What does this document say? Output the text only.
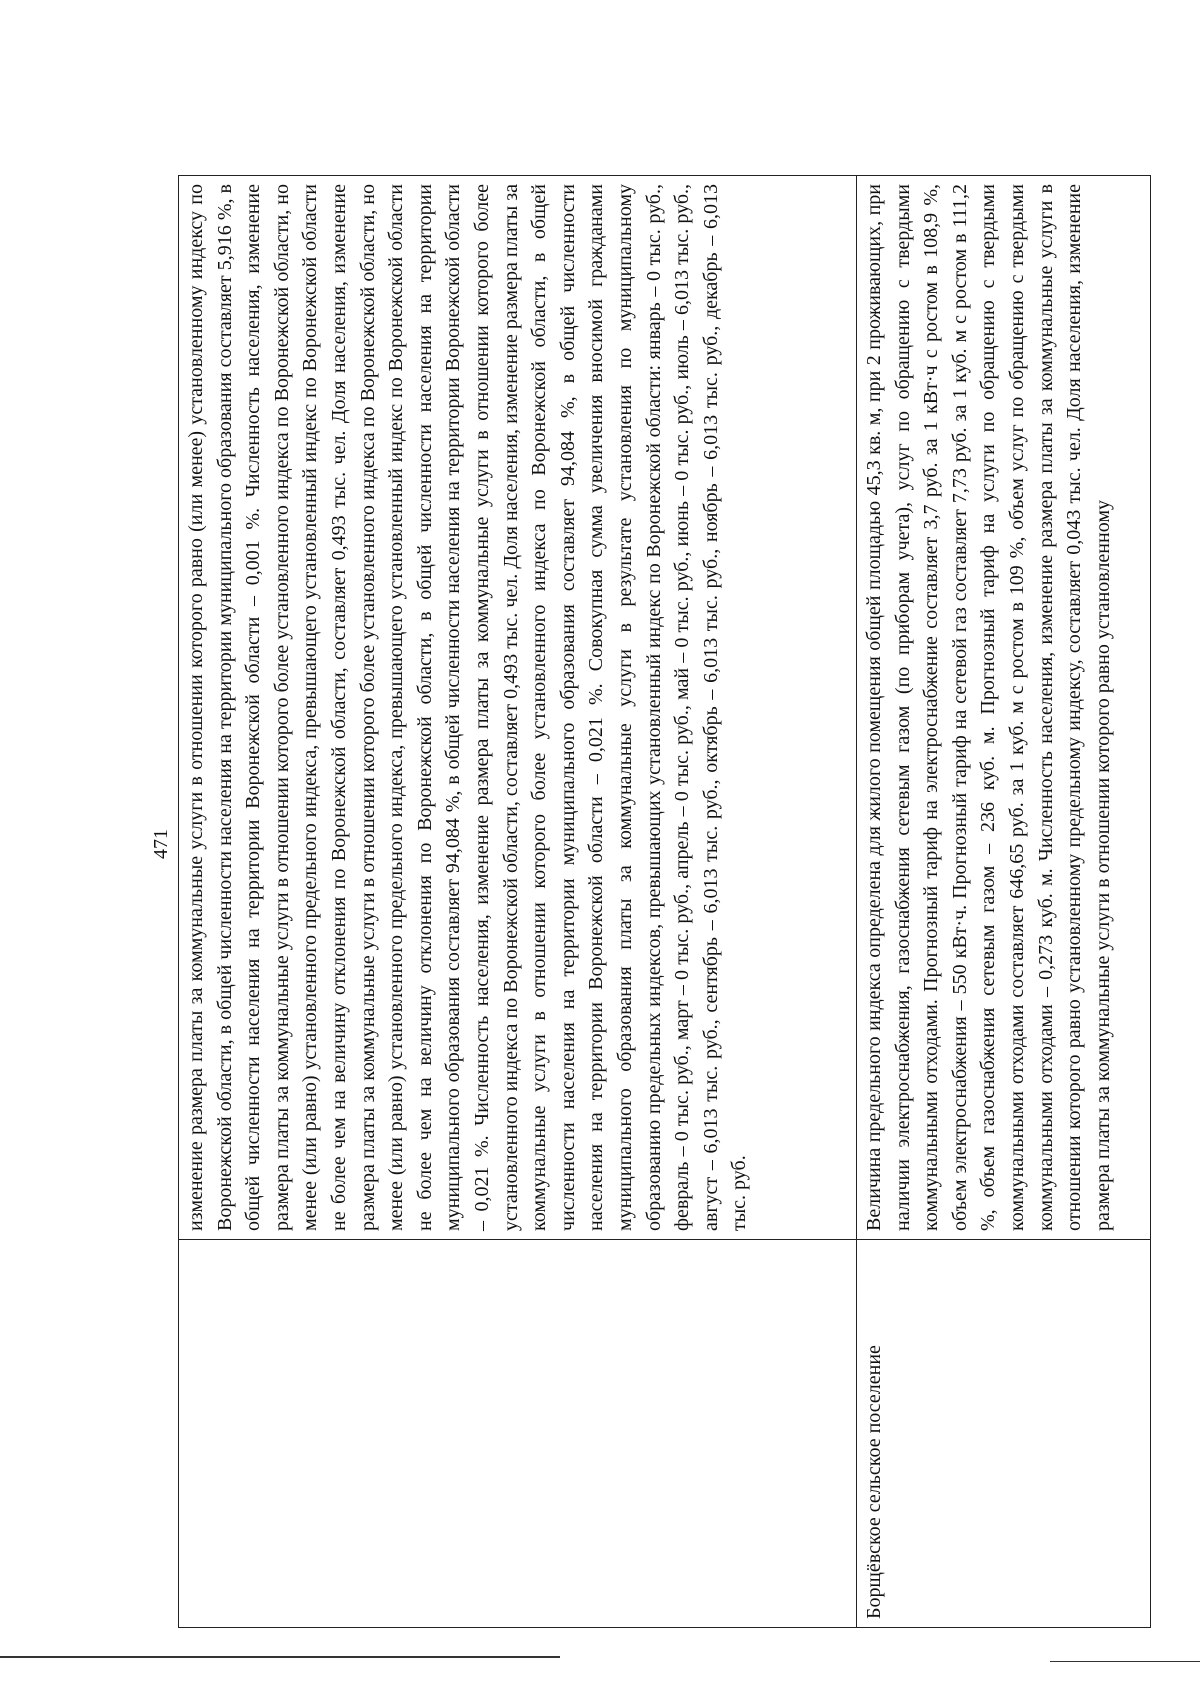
471
	изменение размера платы за коммунальные услуги в отношении которого равно (или менее) установленному индексу по Воронежской области, в общей численности населения на территории муниципального образования составляет 5,916 %, в общей численности населения на территории Воронежской области – 0,001 %. Численность населения, изменение размера платы за коммунальные услуги в отношении которого более установленного индекса по Воронежской области, но менее (или равно) установленного предельного индекса, превышающего установленный индекс по Воронежской области не более чем на величину отклонения по Воронежской области, составляет 0,493 тыс. чел. Доля населения, изменение размера платы за коммунальные услуги в отношении которого более установленного индекса по Воронежской области, но менее (или равно) установленного предельного индекса, превышающего установленный индекс по Воронежской области не более чем на величину отклонения по Воронежской области, в общей численности населения на территории муниципального образования составляет 94,084 %, в общей численности населения на территории Воронежской области – 0,021 %. Численность населения, изменение размера платы за коммунальные услуги в отношении которого более установленного индекса по Воронежской области, составляет 0,493 тыс. чел. Доля населения, изменение размера платы за коммунальные услуги в отношении которого более установленного индекса по Воронежской области, в общей численности населения на территории муниципального образования составляет 94,084 %, в общей численности населения на территории Воронежской области – 0,021 %. Совокупная сумма увеличения вносимой гражданами муниципального образования платы за коммунальные услуги в результате установления по муниципальному образованию предельных индексов, превышающих установленный индекс по Воронежской области: январь – 0 тыс. руб., февраль – 0 тыс. руб., март – 0 тыс. руб., апрель – 0 тыс. руб., май – 0 тыс. руб., июнь – 0 тыс. руб., июль – 6,013 тыс. руб., август – 6,013 тыс. руб., сентябрь – 6,013 тыс. руб., октябрь – 6,013 тыс. руб., ноябрь – 6,013 тыс. руб., декабрь – 6,013 тыс. руб.
Борщёвское сельское поселение	Величина предельного индекса определена для жилого помещения общей площадью 45,3 кв. м, при 2 проживающих, при наличии электроснабжения, газоснабжения сетевым газом (по приборам учета), услуг по обращению с твердыми коммунальными отходами. Прогнозный тариф на электроснабжение составляет 3,7 руб. за 1 кВт·ч с ростом в 108,9 %, объем электроснабжения – 550 кВт·ч. Прогнозный тариф на сетевой газ составляет 7,73 руб. за 1 куб. м с ростом в 111,2 %, объем газоснабжения сетевым газом – 236 куб. м. Прогнозный тариф на услуги по обращению с твердыми коммунальными отходами составляет 646,65 руб. за 1 куб. м с ростом в 109 %, объем услуг по обращению с твердыми коммунальными отходами – 0,273 куб. м. Численность населения, изменение размера платы за коммунальные услуги в отношении которого равно установленному предельному индексу, составляет 0,043 тыс. чел. Доля населения, изменение размера платы за коммунальные услуги в отношении которого равно установленному
